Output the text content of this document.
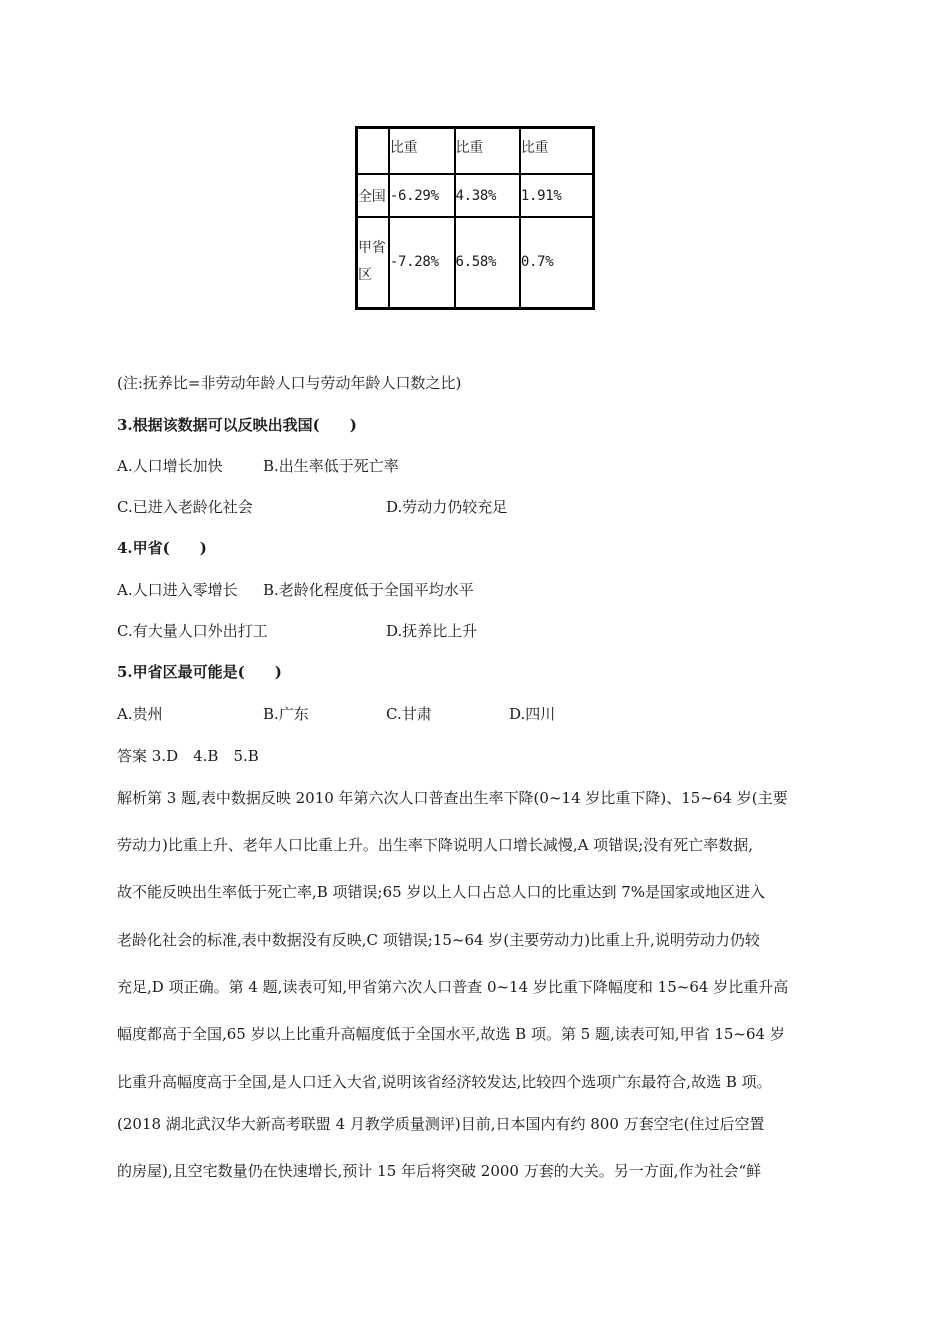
	比重	比重	比重
全国	-6.29%	4.38%	1.91%

甲省
区	-7.28%	6.58%	0.7%
(注:抚养比=非劳动年龄人口与劳动年龄人口数之比)
3.根据该数据可以反映出我国(　　)
A.人口增长加快	B.出生率低于死亡率
C.已进入老龄化社会	D.劳动力仍较充足
4.甲省(　　)
A.人口进入零增长 B.老龄化程度低于全国平均水平
C.有大量人口外出打工	D.抚养比上升
5.甲省区最可能是(　　)
A.贵州	B.广东	C.甘肃	D.四川
答案 3.D　4.B　5.B
解析第 3 题,表中数据反映 2010 年第六次人口普查出生率下降(0~14 岁比重下降)、15~64 岁(主要
劳动力)比重上升、老年人口比重上升。出生率下降说明人口增长减慢,A 项错误;没有死亡率数据,
故不能反映出生率低于死亡率,B 项错误;65 岁以上人口占总人口的比重达到 7%是国家或地区进入
老龄化社会的标准,表中数据没有反映,C 项错误;15~64 岁(主要劳动力)比重上升,说明劳动力仍较
充足,D 项正确。第 4 题,读表可知,甲省第六次人口普查 0~14 岁比重下降幅度和 15~64 岁比重升高
幅度都高于全国,65 岁以上比重升高幅度低于全国水平,故选 B 项。第 5 题,读表可知,甲省 15~64 岁
比重升高幅度高于全国,是人口迁入大省,说明该省经济较发达,比较四个选项广东最符合,故选 B 项。
(2018 湖北武汉华大新高考联盟 4 月教学质量测评)目前,日本国内有约 800 万套空宅(住过后空置
的房屋),且空宅数量仍在快速增长,预计 15 年后将突破 2000 万套的大关。另一方面,作为社会“鲜
